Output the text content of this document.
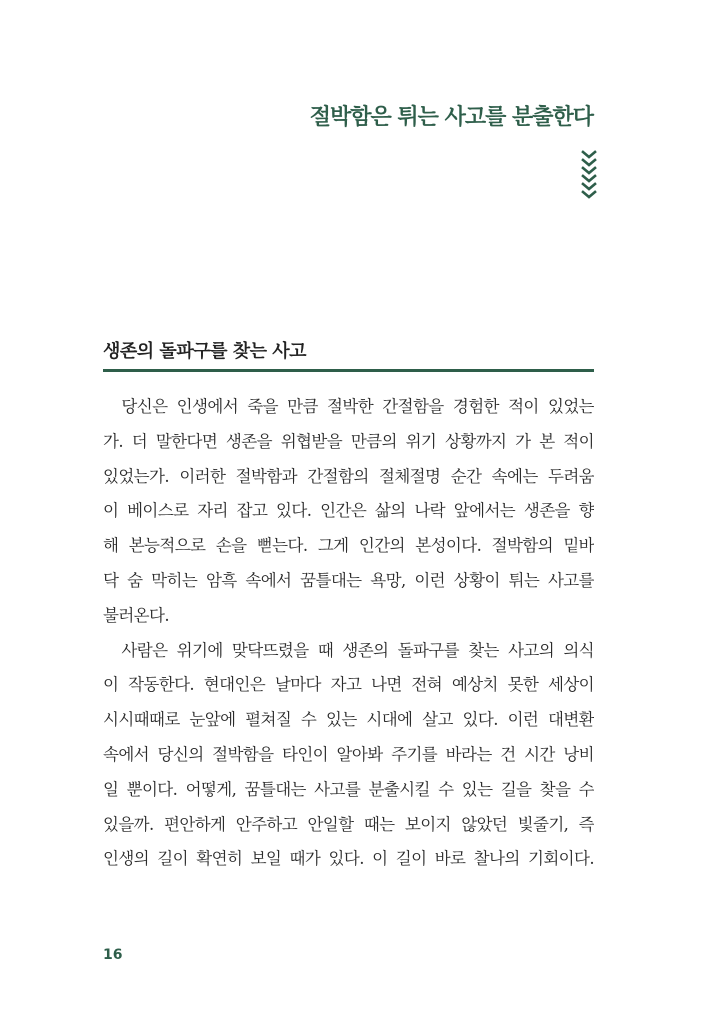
절박함은 튀는 사고를 분출한다
생존의 돌파구를 찾는 사고
당신은 인생에서 죽을 만큼 절박한 간절함을 경험한 적이 있었는
가. 더 말한다면 생존을 위협받을 만큼의 위기 상황까지 가 본 적이
있었는가. 이러한 절박함과 간절함의 절체절명 순간 속에는 두려움
이 베이스로 자리 잡고 있다. 인간은 삶의 나락 앞에서는 생존을 향
해 본능적으로 손을 뻗는다. 그게 인간의 본성이다. 절박함의 밑바
닥 숨 막히는 암흑 속에서 꿈틀대는 욕망, 이런 상황이 튀는 사고를
불러온다.
사람은 위기에 맞닥뜨렸을 때 생존의 돌파구를 찾는 사고의 의식
이 작동한다. 현대인은 날마다 자고 나면 전혀 예상치 못한 세상이
시시때때로 눈앞에 펼쳐질 수 있는 시대에 살고 있다. 이런 대변환
속에서 당신의 절박함을 타인이 알아봐 주기를 바라는 건 시간 낭비
일 뿐이다. 어떻게, 꿈틀대는 사고를 분출시킬 수 있는 길을 찾을 수
있을까. 편안하게 안주하고 안일할 때는 보이지 않았던 빛줄기, 즉
인생의 길이 확연히 보일 때가 있다. 이 길이 바로 찰나의 기회이다.
16
